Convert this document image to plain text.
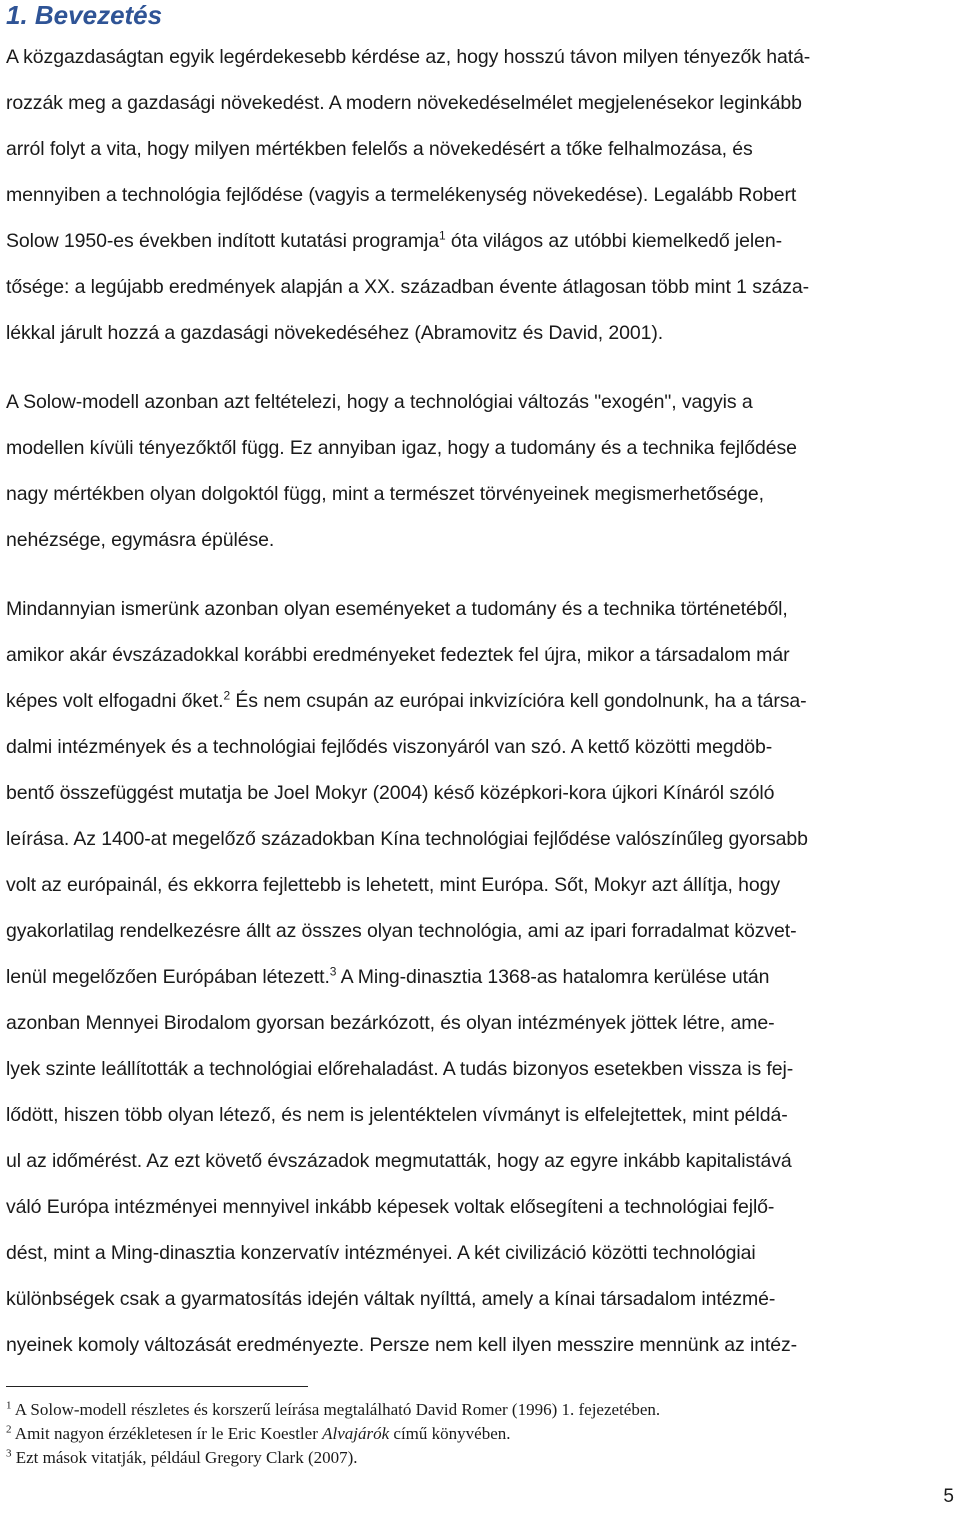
1. Bevezetés
A közgazdaságtan egyik legérdekesebb kérdése az, hogy hosszú távon milyen tényezők hatá-
rozzák meg a gazdasági növekedést. A modern növekedéselmélet megjelenésekor leginkább
arról folyt a vita, hogy milyen mértékben felelős a növekedésért a tőke felhalmozása, és
mennyiben a technológia fejlődése (vagyis a termelékenység növekedése). Legalább Robert
Solow 1950-es években indított kutatási programja$^1$ óta világos az utóbbi kiemelkedő jelen-
tősége: a legújabb eredmények alapján a XX. században évente átlagosan több mint 1 száza-
lékkal járult hozzá a gazdasági növekedéséhez (Abramovitz és David, 2001).
A Solow-modell azonban azt feltételezi, hogy a technológiai változás "exogén", vagyis a
modellen kívüli tényezőktől függ. Ez annyiban igaz, hogy a tudomány és a technika fejlődése
nagy mértékben olyan dolgoktól függ, mint a természet törvényeinek megismerhetősége,
nehézsége, egymásra épülése.
Mindannyian ismerünk azonban olyan eseményeket a tudomány és a technika történetéből,
amikor akár évszázadokkal korábbi eredményeket fedeztek fel újra, mikor a társadalom már
képes volt elfogadni őket.$^2$ És nem csupán az európai inkvizícióra kell gondolnunk, ha a társa-
dalmi intézmények és a technológiai fejlődés viszonyáról van szó. A kettő közötti megdöb-
bentő összefüggést mutatja be Joel Mokyr (2004) késő középkori-kora újkori Kínáról szóló
leírása. Az 1400-at megelőző századokban Kína technológiai fejlődése valószínűleg gyorsabb
volt az európainál, és ekkorra fejlettebb is lehetett, mint Európa. Sőt, Mokyr azt állítja, hogy
gyakorlatilag rendelkezésre állt az összes olyan technológia, ami az ipari forradalmat közvet-
lenül megelőzően Európában létezett.$^3$ A Ming-dinasztia 1368-as hatalomra kerülése után
azonban Mennyei Birodalom gyorsan bezárkózott, és olyan intézmények jöttek létre, ame-
lyek szinte leállították a technológiai előrehaladást. A tudás bizonyos esetekben vissza is fej-
lődött, hiszen több olyan létező, és nem is jelentéktelen vívmányt is elfelejtettek, mint példá-
ul az időmérést. Az ezt követő évszázadok megmutatták, hogy az egyre inkább kapitalistává
váló Európa intézményei mennyivel inkább képesek voltak elősegíteni a technológiai fejlő-
dést, mint a Ming-dinasztia konzervatív intézményei. A két civilizáció közötti technológiai
különbségek csak a gyarmatosítás idején váltak nyílttá, amely a kínai társadalom intézmé-
nyeinek komoly változását eredményezte. Persze nem kell ilyen messzire mennünk az intéz-
$^1$ A Solow-modell részletes és korszerű leírása megtalálható David Romer (1996) 1. fejezetében.
$^2$ Amit nagyon érzékletesen ír le Eric Koestler Alvajárók című könyvében.
$^3$ Ezt mások vitatják, például Gregory Clark (2007).
5
